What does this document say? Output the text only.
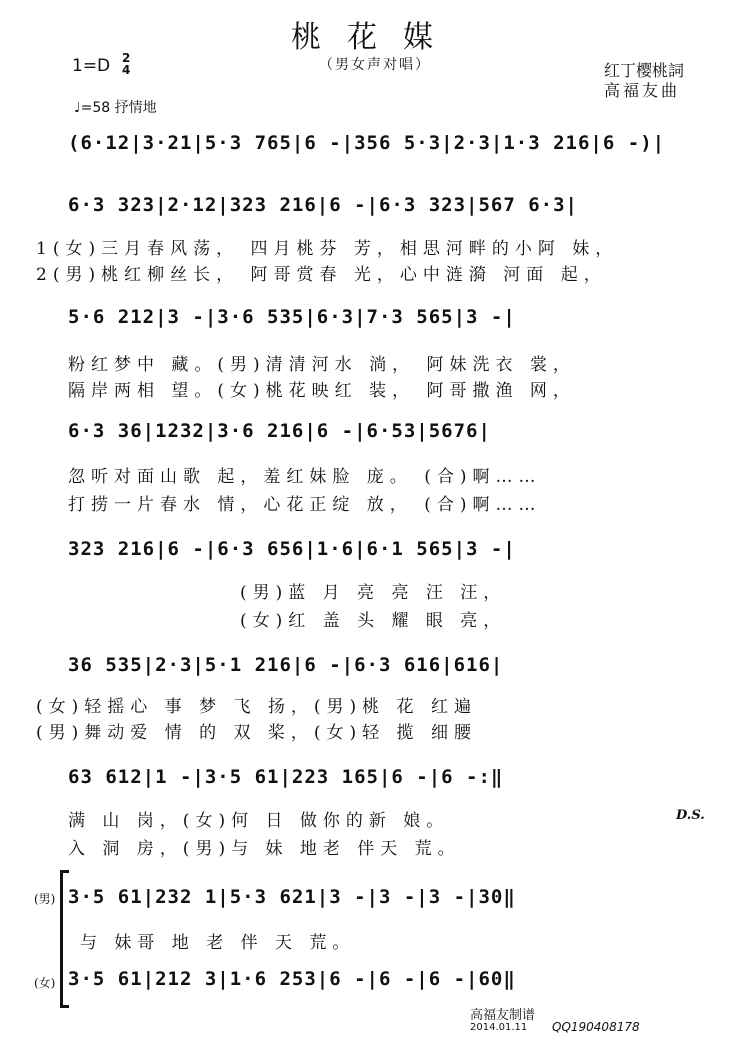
桃花媒
（男女声对唱）
1=D 2
4	红丁樱桃詞
高福友曲
♩=58 抒情地
(6·12|3·21|5·3 765|6 -|356 5·3|2·3|1·3 216|6 -)|
6·3 323|2·12|323 216|6 -|6·3 323|567 6·3|
1(女)三月春风荡， 四月桃芬 芳，相思河畔的小阿 妹，
2(男)桃红柳丝长， 阿哥赏春 光，心中涟漪 河面 起，
5·6 212|3 -|3·6 535|6·3|7·3 565|3 -|
粉红梦中 藏。(男)清清河水 淌， 阿妹洗衣 裳，
隔岸两相 望。(女)桃花映红 装， 阿哥撒渔 网，
6·3 36|1232|3·6 216|6 -|6·53|5676|
忽听对面山歌 起，羞红妹脸 庞。 (合)啊……
打捞一片春水 情，心花正绽 放， (合)啊……
323 216|6 -|6·3 656|1·6|6·1 565|3 -|
(男)蓝 月 亮 亮 汪 汪，
(女)红 盖 头 耀 眼 亮，
36 535|2·3|5·1 216|6 -|6·3 616|616|
(女)轻摇心 事 梦 飞 扬，(男)桃 花 红遍
(男)舞动爱 情 的 双 桨，(女)轻 揽 细腰
63 612|1 -|3·5 61|223 165|6 -|6 -:‖
满 山 岗，(女)何 日 做你的新 娘。
入 洞 房，(男)与 妹 地老 伴天 荒。
D.S.
(男)
(女)
3·5 61|232 1|5·3 621|3 -|3 -|3 -|30‖
与 妹哥 地 老 伴 天 荒。
3·5 61|212 3|1·6 253|6 -|6 -|6 -|60‖
高福友制谱
2014.01.11 QQ190408178
